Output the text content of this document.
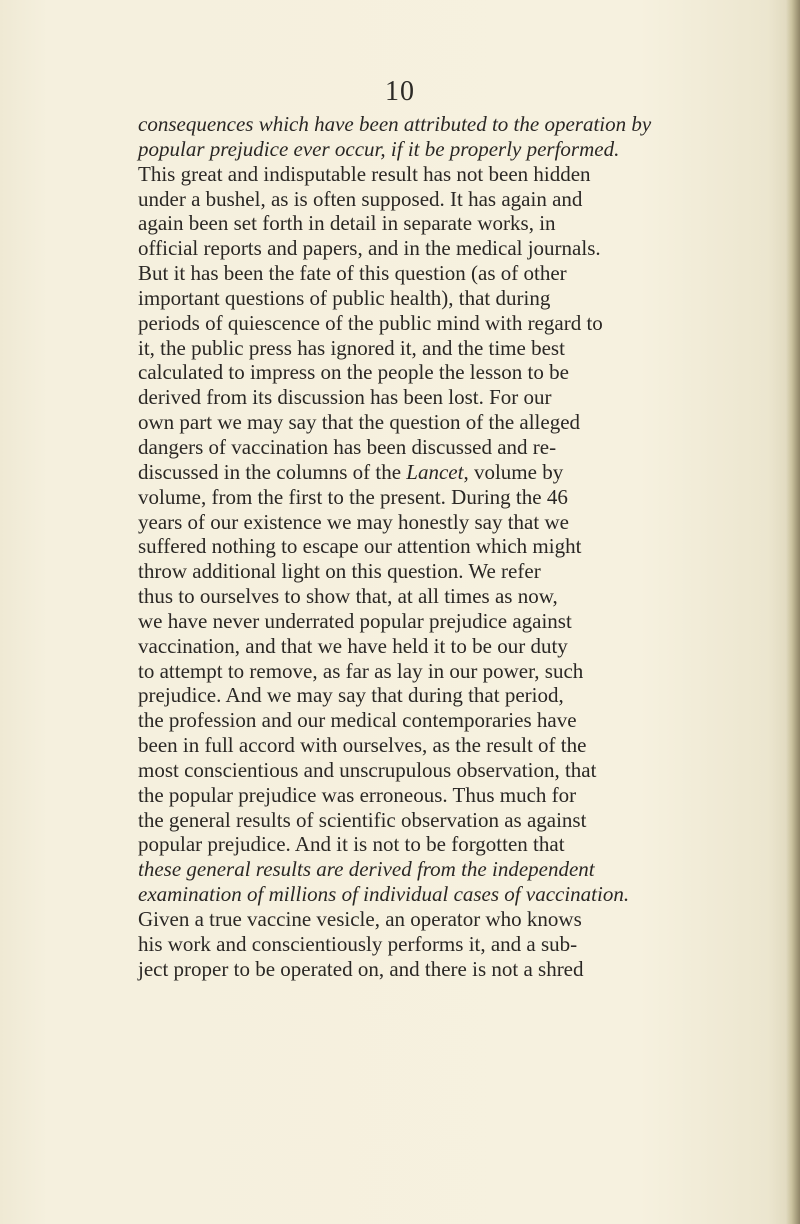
10
consequences which have been attributed to the operation by
popular prejudice ever occur, if it be properly performed.
This great and indisputable result has not been hidden
under a bushel, as is often supposed. It has again and
again been set forth in detail in separate works, in
official reports and papers, and in the medical journals.
But it has been the fate of this question (as of other
important questions of public health), that during
periods of quiescence of the public mind with regard to
it, the public press has ignored it, and the time best
calculated to impress on the people the lesson to be
derived from its discussion has been lost. For our
own part we may say that the question of the alleged
dangers of vaccination has been discussed and re-
discussed in the columns of the Lancet, volume by
volume, from the first to the present. During the 46
years of our existence we may honestly say that we
suffered nothing to escape our attention which might
throw additional light on this question. We refer
thus to ourselves to show that, at all times as now,
we have never underrated popular prejudice against
vaccination, and that we have held it to be our duty
to attempt to remove, as far as lay in our power, such
prejudice. And we may say that during that period,
the profession and our medical contemporaries have
been in full accord with ourselves, as the result of the
most conscientious and unscrupulous observation, that
the popular prejudice was erroneous. Thus much for
the general results of scientific observation as against
popular prejudice. And it is not to be forgotten that
these general results are derived from the independent
examination of millions of individual cases of vaccination.
Given a true vaccine vesicle, an operator who knows
his work and conscientiously performs it, and a sub-
ject proper to be operated on, and there is not a shred
